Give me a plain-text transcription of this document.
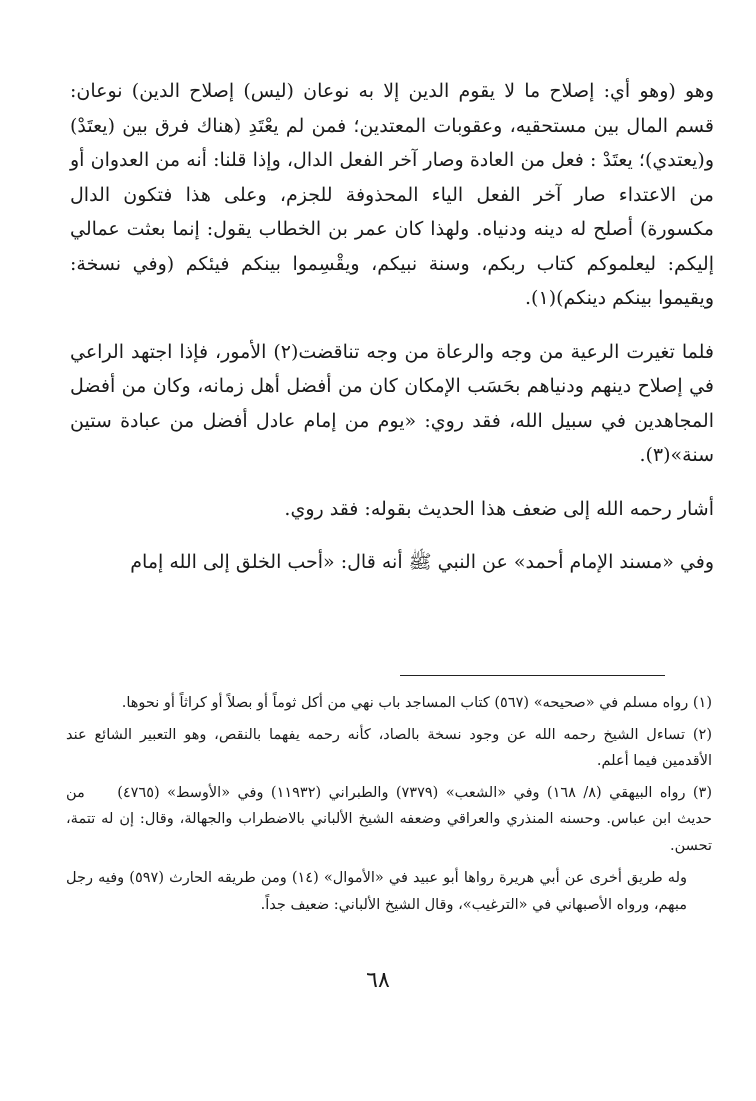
وهو (وهو أي: إصلاح ما لا يقوم الدين إلا به نوعان (ليس) إصلاح الدين) نوعان: قسم المال بين مستحقيه، وعقوبات المعتدين؛ فمن لم يعْتَدِ (هناك فرق بين (يعتَدْ) و(يعتدي)؛ يعتَدْ : فعل من العادة وصار آخر الفعل الدال، وإذا قلنا: أنه من العدوان أو من الاعتداء صار آخر الفعل الياء المحذوفة للجزم، وعلى هذا فتكون الدال مكسورة) أصلح له دينه ودنياه. ولهذا كان عمر بن الخطاب يقول: إنما بعثت عمالي إليكم: ليعلموكم كتاب ربكم، وسنة نبيكم، ويقْسِموا بينكم فيئكم (وفي نسخة: ويقيموا بينكم دينكم)(١).

فلما تغيرت الرعية من وجه والرعاة من وجه تناقضت(٢) الأمور، فإذا اجتهد الراعي في إصلاح دينهم ودنياهم بحَسَب الإمكان كان من أفضل أهل زمانه، وكان من أفضل المجاهدين في سبيل الله، فقد روي: «يوم من إمام عادل أفضل من عبادة ستين سنة»(٣).

أشار رحمه الله إلى ضعف هذا الحديث بقوله: فقد روي.

وفي «مسند الإمام أحمد» عن النبي ﷺ أنه قال: «أحب الخلق إلى الله إمام

(١) رواه مسلم في «صحيحه» (٥٦٧) كتاب المساجد باب نهي من أكل ثوماً أو بصلاً أو كراثاً أو نحوها.

(٢) تساءل الشيخ رحمه الله عن وجود نسخة بالصاد، كأنه رحمه يفهما بالنقص، وهو التعبير الشائع عند الأقدمين فيما أعلم.

(٣) رواه البيهقي (٨/ ١٦٨) وفي «الشعب» (٧٣٧٩) والطبراني (١١٩٣٢) وفي «الأوسط» (٤٧٦٥) من حديث ابن عباس. وحسنه المنذري والعراقي وضعفه الشيخ الألباني بالاضطراب والجهالة، وقال: إن له تتمة، تحسن.

وله طريق أخرى عن أبي هريرة رواها أبو عبيد في «الأموال» (١٤) ومن طريقه الحارث (٥٩٧) وفيه رجل مبهم، ورواه الأصبهاني في «الترغيب»، وقال الشيخ الألباني: ضعيف جداً.

٦٨
